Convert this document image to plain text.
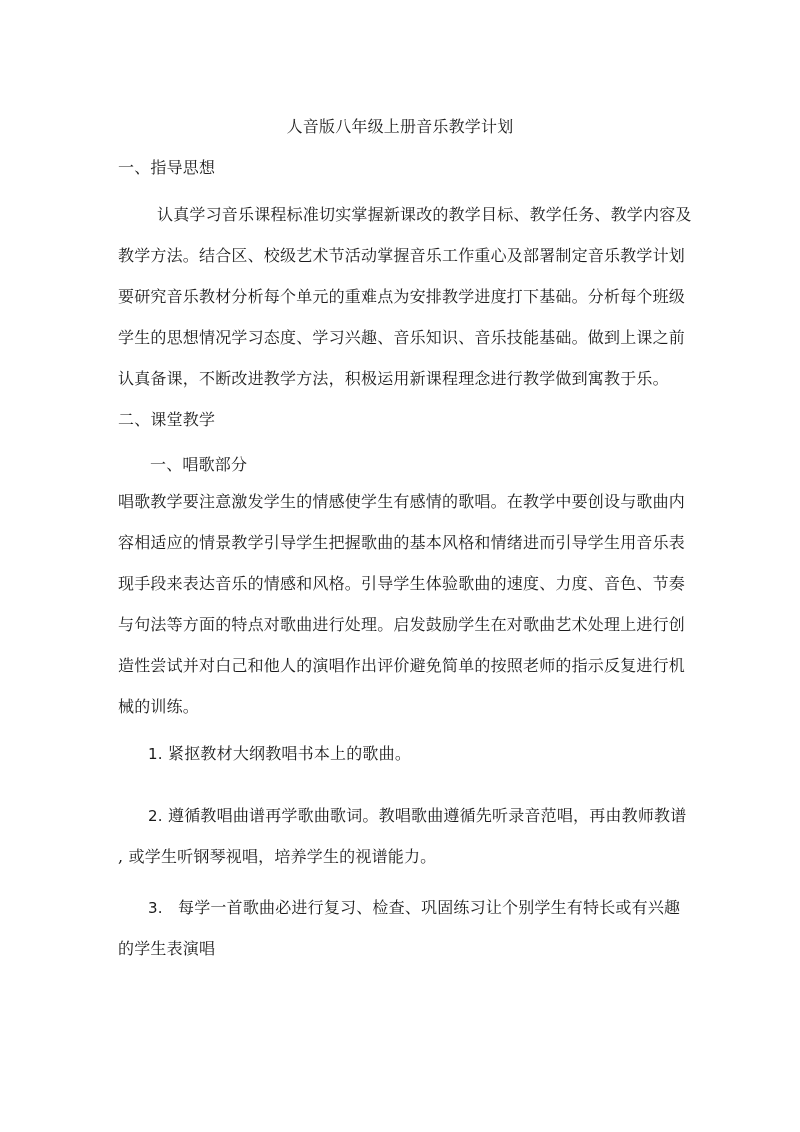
人音版八年级上册音乐教学计划
一、指导思想
认真学习音乐课程标准切实掌握新课改的教学目标、教学任务、教学内容及
教学方法。结合区、校级艺术节活动掌握音乐工作重心及部署制定音乐教学计划
要研究音乐教材分析每个单元的重难点为安排教学进度打下基础。分析每个班级
学生的思想情况学习态度、学习兴趣、音乐知识、音乐技能基础。做到上课之前
认真备课，不断改进教学方法，积极运用新课程理念进行教学做到寓教于乐。
二、课堂教学
一、唱歌部分
唱歌教学要注意激发学生的情感使学生有感情的歌唱。在教学中要创设与歌曲内
容相适应的情景教学引导学生把握歌曲的基本风格和情绪进而引导学生用音乐表
现手段来表达音乐的情感和风格。引导学生体验歌曲的速度、力度、音色、节奏
与句法等方面的特点对歌曲进行处理。启发鼓励学生在对歌曲艺术处理上进行创
造性尝试并对白己和他人的演唱作出评价避免简单的按照老师的指示反复进行机
械的训练。
1. 紧抠教材大纲教唱书本上的歌曲。
2. 遵循教唱曲谱再学歌曲歌词。教唱歌曲遵循先听录音范唱，再由教师教谱
, 或学生听钢琴视唱，培养学生的视谱能力。
3. 每学一首歌曲必进行复习、检查、巩固练习让个别学生有特长或有兴趣
的学生表演唱
